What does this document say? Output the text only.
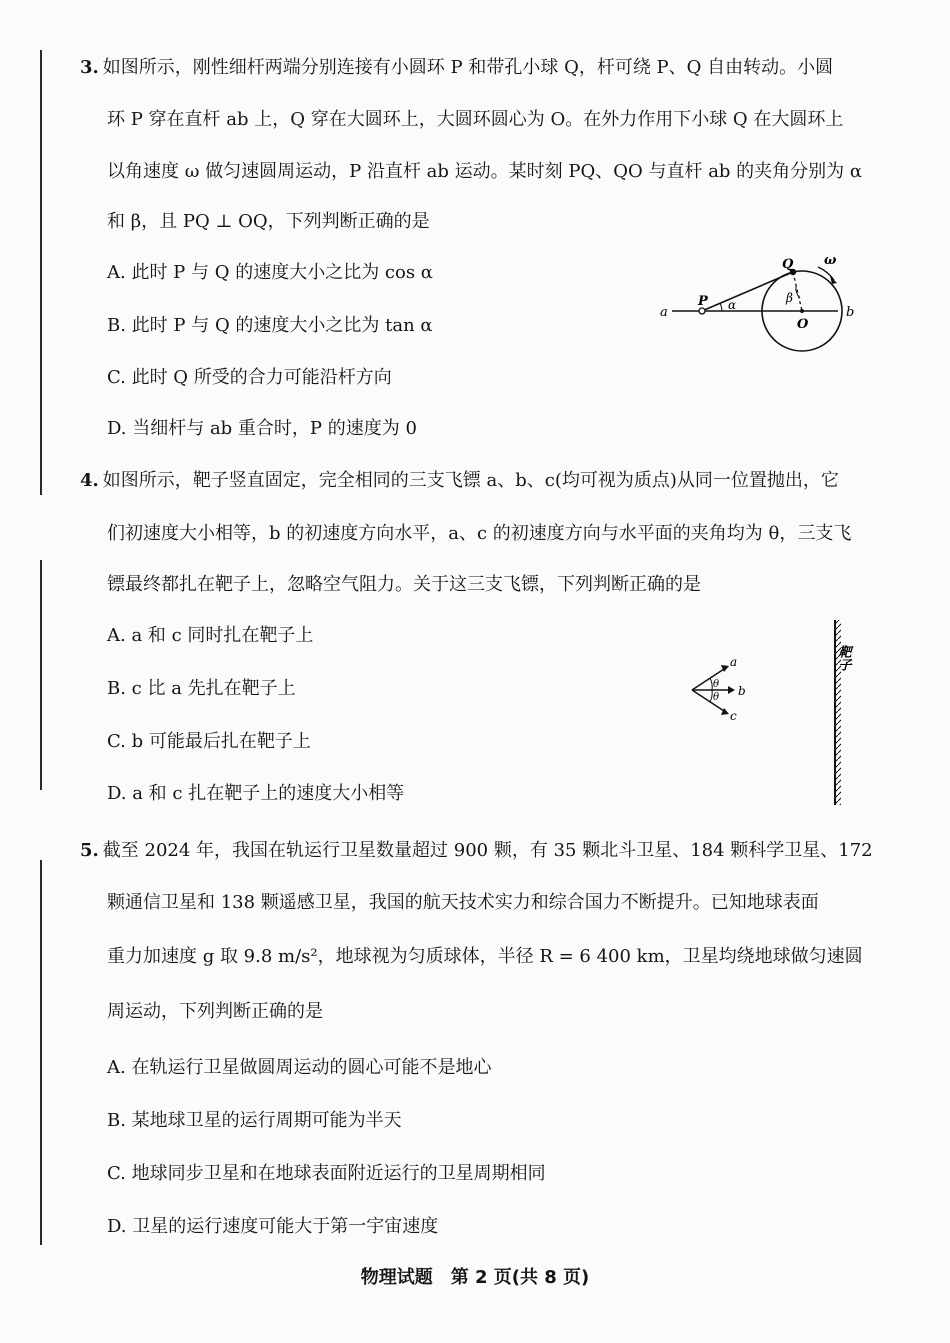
3. 如图所示，刚性细杆两端分别连接有小圆环 P 和带孔小球 Q，杆可绕 P、Q 自由转动。小圆
环 P 穿在直杆 ab 上，Q 穿在大圆环上，大圆环圆心为 O。在外力作用下小球 Q 在大圆环上
以角速度 ω 做匀速圆周运动，P 沿直杆 ab 运动。某时刻 PQ、QO 与直杆 ab 的夹角分别为 α
和 β，且 PQ ⊥ OQ，下列判断正确的是
A. 此时 P 与 Q 的速度大小之比为 cos α
B. 此时 P 与 Q 的速度大小之比为 tan α
C. 此时 Q 所受的合力可能沿杆方向
D. 当细杆与 ab 重合时，P 的速度为 0
a	b
P
Q
O
α	β
ω
4. 如图所示，靶子竖直固定，完全相同的三支飞镖 a、b、c(均可视为质点)从同一位置抛出，它
们初速度大小相等，b 的初速度方向水平，a、c 的初速度方向与水平面的夹角均为 θ，三支飞
镖最终都扎在靶子上，忽略空气阻力。关于这三支飞镖，下列判断正确的是
A. a 和 c 同时扎在靶子上
B. c 比 a 先扎在靶子上
C. b 可能最后扎在靶子上
D. a 和 c 扎在靶子上的速度大小相等
a
b
c
θ
θ
靶子
5. 截至 2024 年，我国在轨运行卫星数量超过 900 颗，有 35 颗北斗卫星、184 颗科学卫星、172
颗通信卫星和 138 颗遥感卫星，我国的航天技术实力和综合国力不断提升。已知地球表面
重力加速度 g 取 9.8 m/s²，地球视为匀质球体，半径 R = 6 400 km，卫星均绕地球做匀速圆
周运动，下列判断正确的是
A. 在轨运行卫星做圆周运动的圆心可能不是地心
B. 某地球卫星的运行周期可能为半天
C. 地球同步卫星和在地球表面附近运行的卫星周期相同
D. 卫星的运行速度可能大于第一宇宙速度
物理试题　第 2 页(共 8 页)
